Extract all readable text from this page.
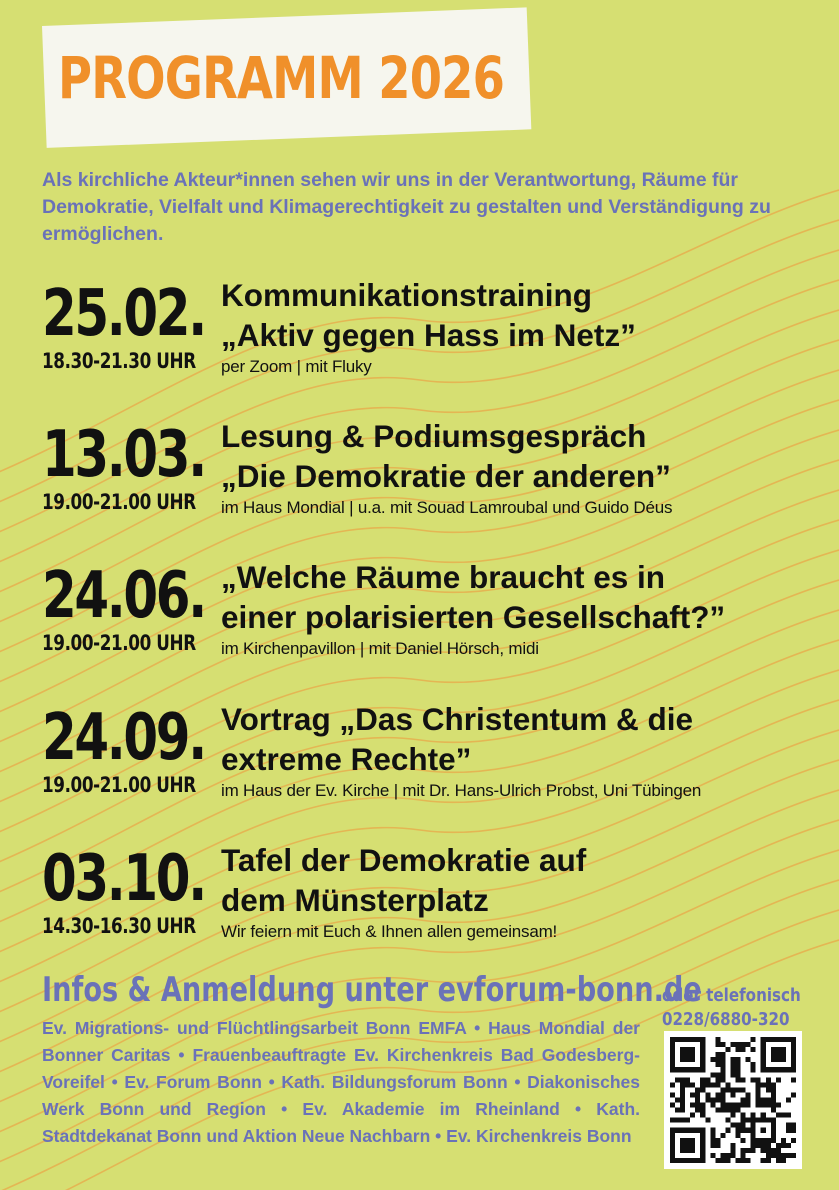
PROGRAMM 2026
Als kirchliche Akteur*innen sehen wir uns in der Verantwortung, Räume für Demokratie, Vielfalt und Klimagerechtigkeit zu gestalten und Verständigung zu ermöglichen.
25.02.
18.30-21.30 UHR
Kommunikationstraining
„Aktiv gegen Hass im Netz”
per Zoom | mit Fluky
13.03.
19.00-21.00 UHR
Lesung & Podiumsgespräch
„Die Demokratie der anderen”
im Haus Mondial | u.a. mit Souad Lamroubal und Guido Déus
24.06.
19.00-21.00 UHR
„Welche Räume braucht es in
einer polarisierten Gesellschaft?”
im Kirchenpavillon | mit Daniel Hörsch, midi
24.09.
19.00-21.00 UHR
Vortrag „Das Christentum & die
extreme Rechte”
im Haus der Ev. Kirche | mit Dr. Hans-Ulrich Probst, Uni Tübingen
03.10.
14.30-16.30 UHR
Tafel der Demokratie auf
dem Münsterplatz
Wir feiern mit Euch & Ihnen allen gemeinsam!
Infos & Anmeldung unter evforum-bonn.de
Ev. Migrations- und Flüchtlingsarbeit Bonn EMFA • Haus Mondial der Bonner Caritas • Frauenbeauftragte Ev. Kirchenkreis Bad Godesberg-Voreifel • Ev. Forum Bonn • Kath. Bildungsforum Bonn • Diakonisches Werk Bonn und Region • Ev. Akademie im Rheinland • Kath. Stadtdekanat Bonn und Aktion Neue Nachbarn • Ev. Kirchenkreis Bonn
oder telefonisch
0228/6880-320
